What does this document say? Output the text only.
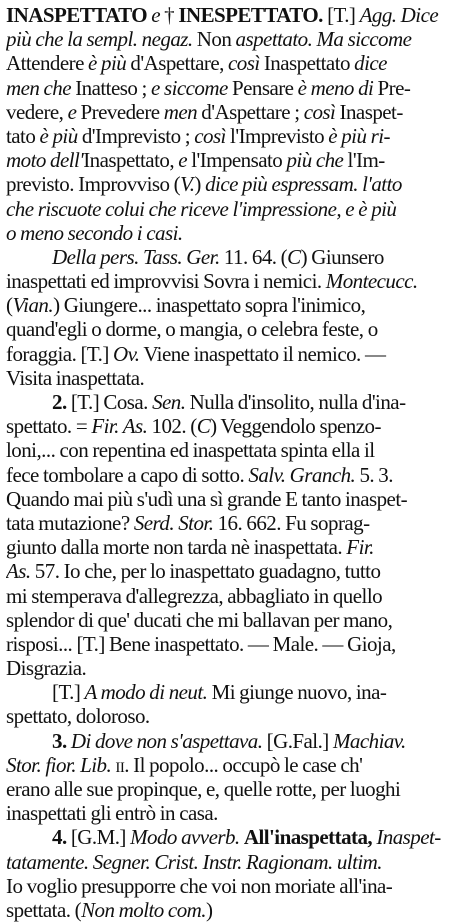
INASPETTATO e † INESPETTATO. [T.] Agg. Dice
più che la sempl. negaz. Non aspettato. Ma siccome
Attendere è più d'Aspettare, così Inaspettato dice
men che Inatteso ; e siccome Pensare è meno di Pre-
vedere, e Prevedere men d'Aspettare ; così Inaspet-
tato è più d'Imprevisto ; così l'Imprevisto è più ri-
moto dell'Inaspettato, e l'Impensato più che l'Im-
previsto. Improvviso (V.) dice più espressam. l'atto
che riscuote colui che riceve l'impressione, e è più
o meno secondo i casi.
Della pers. Tass. Ger. 11. 64. (C) Giunsero
inaspettati ed improvvisi Sovra i nemici. Montecucc.
(Vian.) Giungere... inaspettato sopra l'inimico,
quand'egli o dorme, o mangia, o celebra feste, o
foraggia. [T.] Ov. Viene inaspettato il nemico. —
Visita inaspettata.
2. [T.] Cosa. Sen. Nulla d'insolito, nulla d'ina-
spettato. = Fir. As. 102. (C) Veggendolo spenzo-
loni,... con repentina ed inaspettata spinta ella il
fece tombolare a capo di sotto. Salv. Granch. 5. 3.
Quando mai più s'udì una sì grande E tanto inaspet-
tata mutazione? Serd. Stor. 16. 662. Fu soprag-
giunto dalla morte non tarda nè inaspettata. Fir.
As. 57. Io che, per lo inaspettato guadagno, tutto
mi stemperava d'allegrezza, abbagliato in quello
splendor di que' ducati che mi ballavan per mano,
risposi... [T.] Bene inaspettato. — Male. — Gioja,
Disgrazia.
[T.] A modo di neut. Mi giunge nuovo, ina-
spettato, doloroso.
3. Di dove non s'aspettava. [G.Fal.] Machiav.
Stor. fior. Lib. ii. Il popolo... occupò le case ch'
erano alle sue propinque, e, quelle rotte, per luoghi
inaspettati gli entrò in casa.
4. [G.M.] Modo avverb. All'inaspettata, Inaspet-
tatamente. Segner. Crist. Instr. Ragionam. ultim.
Io voglio presupporre che voi non moriate all'ina-
spettata. (Non molto com.)
